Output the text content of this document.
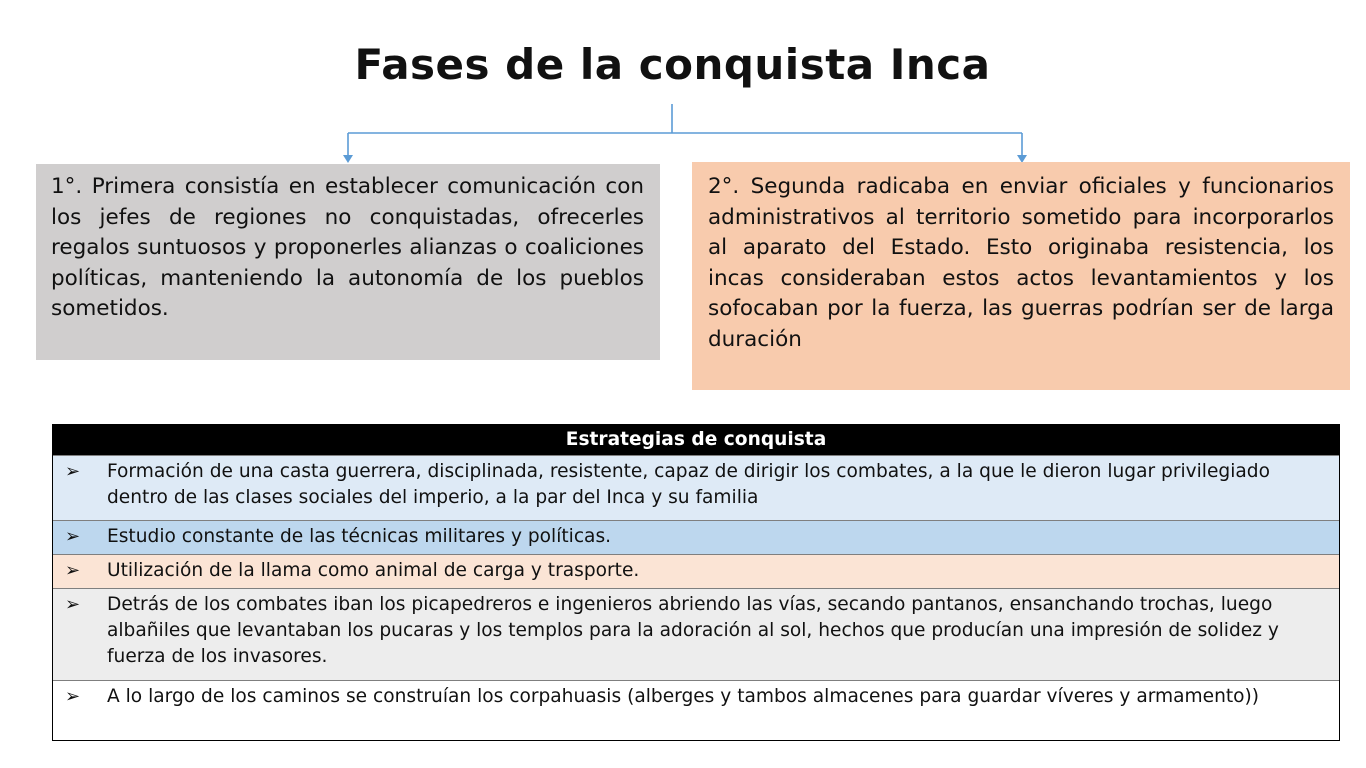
Fases de la conquista Inca

1°. Primera consistía en establecer comunicación con los jefes de regiones no conquistadas, ofrecerles regalos suntuosos y proponerles alianzas o coaliciones políticas, manteniendo la autonomía de los pueblos sometidos.

2°. Segunda radicaba en enviar oficiales y funcionarios administrativos al territorio sometido para incorporarlos al aparato del Estado. Esto originaba resistencia, los incas consideraban estos actos levantamientos y los sofocaban por la fuerza, las guerras podrían ser de larga duración

Estrategias de conquista
➢	Formación de una casta guerrera, disciplinada, resistente, capaz de dirigir los combates, a la que le dieron lugar privilegiado dentro de las clases sociales del imperio, a la par del Inca y su familia
➢	Estudio constante de las técnicas militares y políticas.
➢	Utilización de la llama como animal de carga y trasporte.
➢	Detrás de los combates iban los picapedreros e ingenieros abriendo las vías, secando pantanos, ensanchando trochas, luego albañiles que levantaban los pucaras y los templos para la adoración al sol, hechos que producían una impresión de solidez y fuerza de los invasores.
➢	A lo largo de los caminos se construían los corpahuasis (alberges y tambos almacenes para guardar víveres y armamento))
